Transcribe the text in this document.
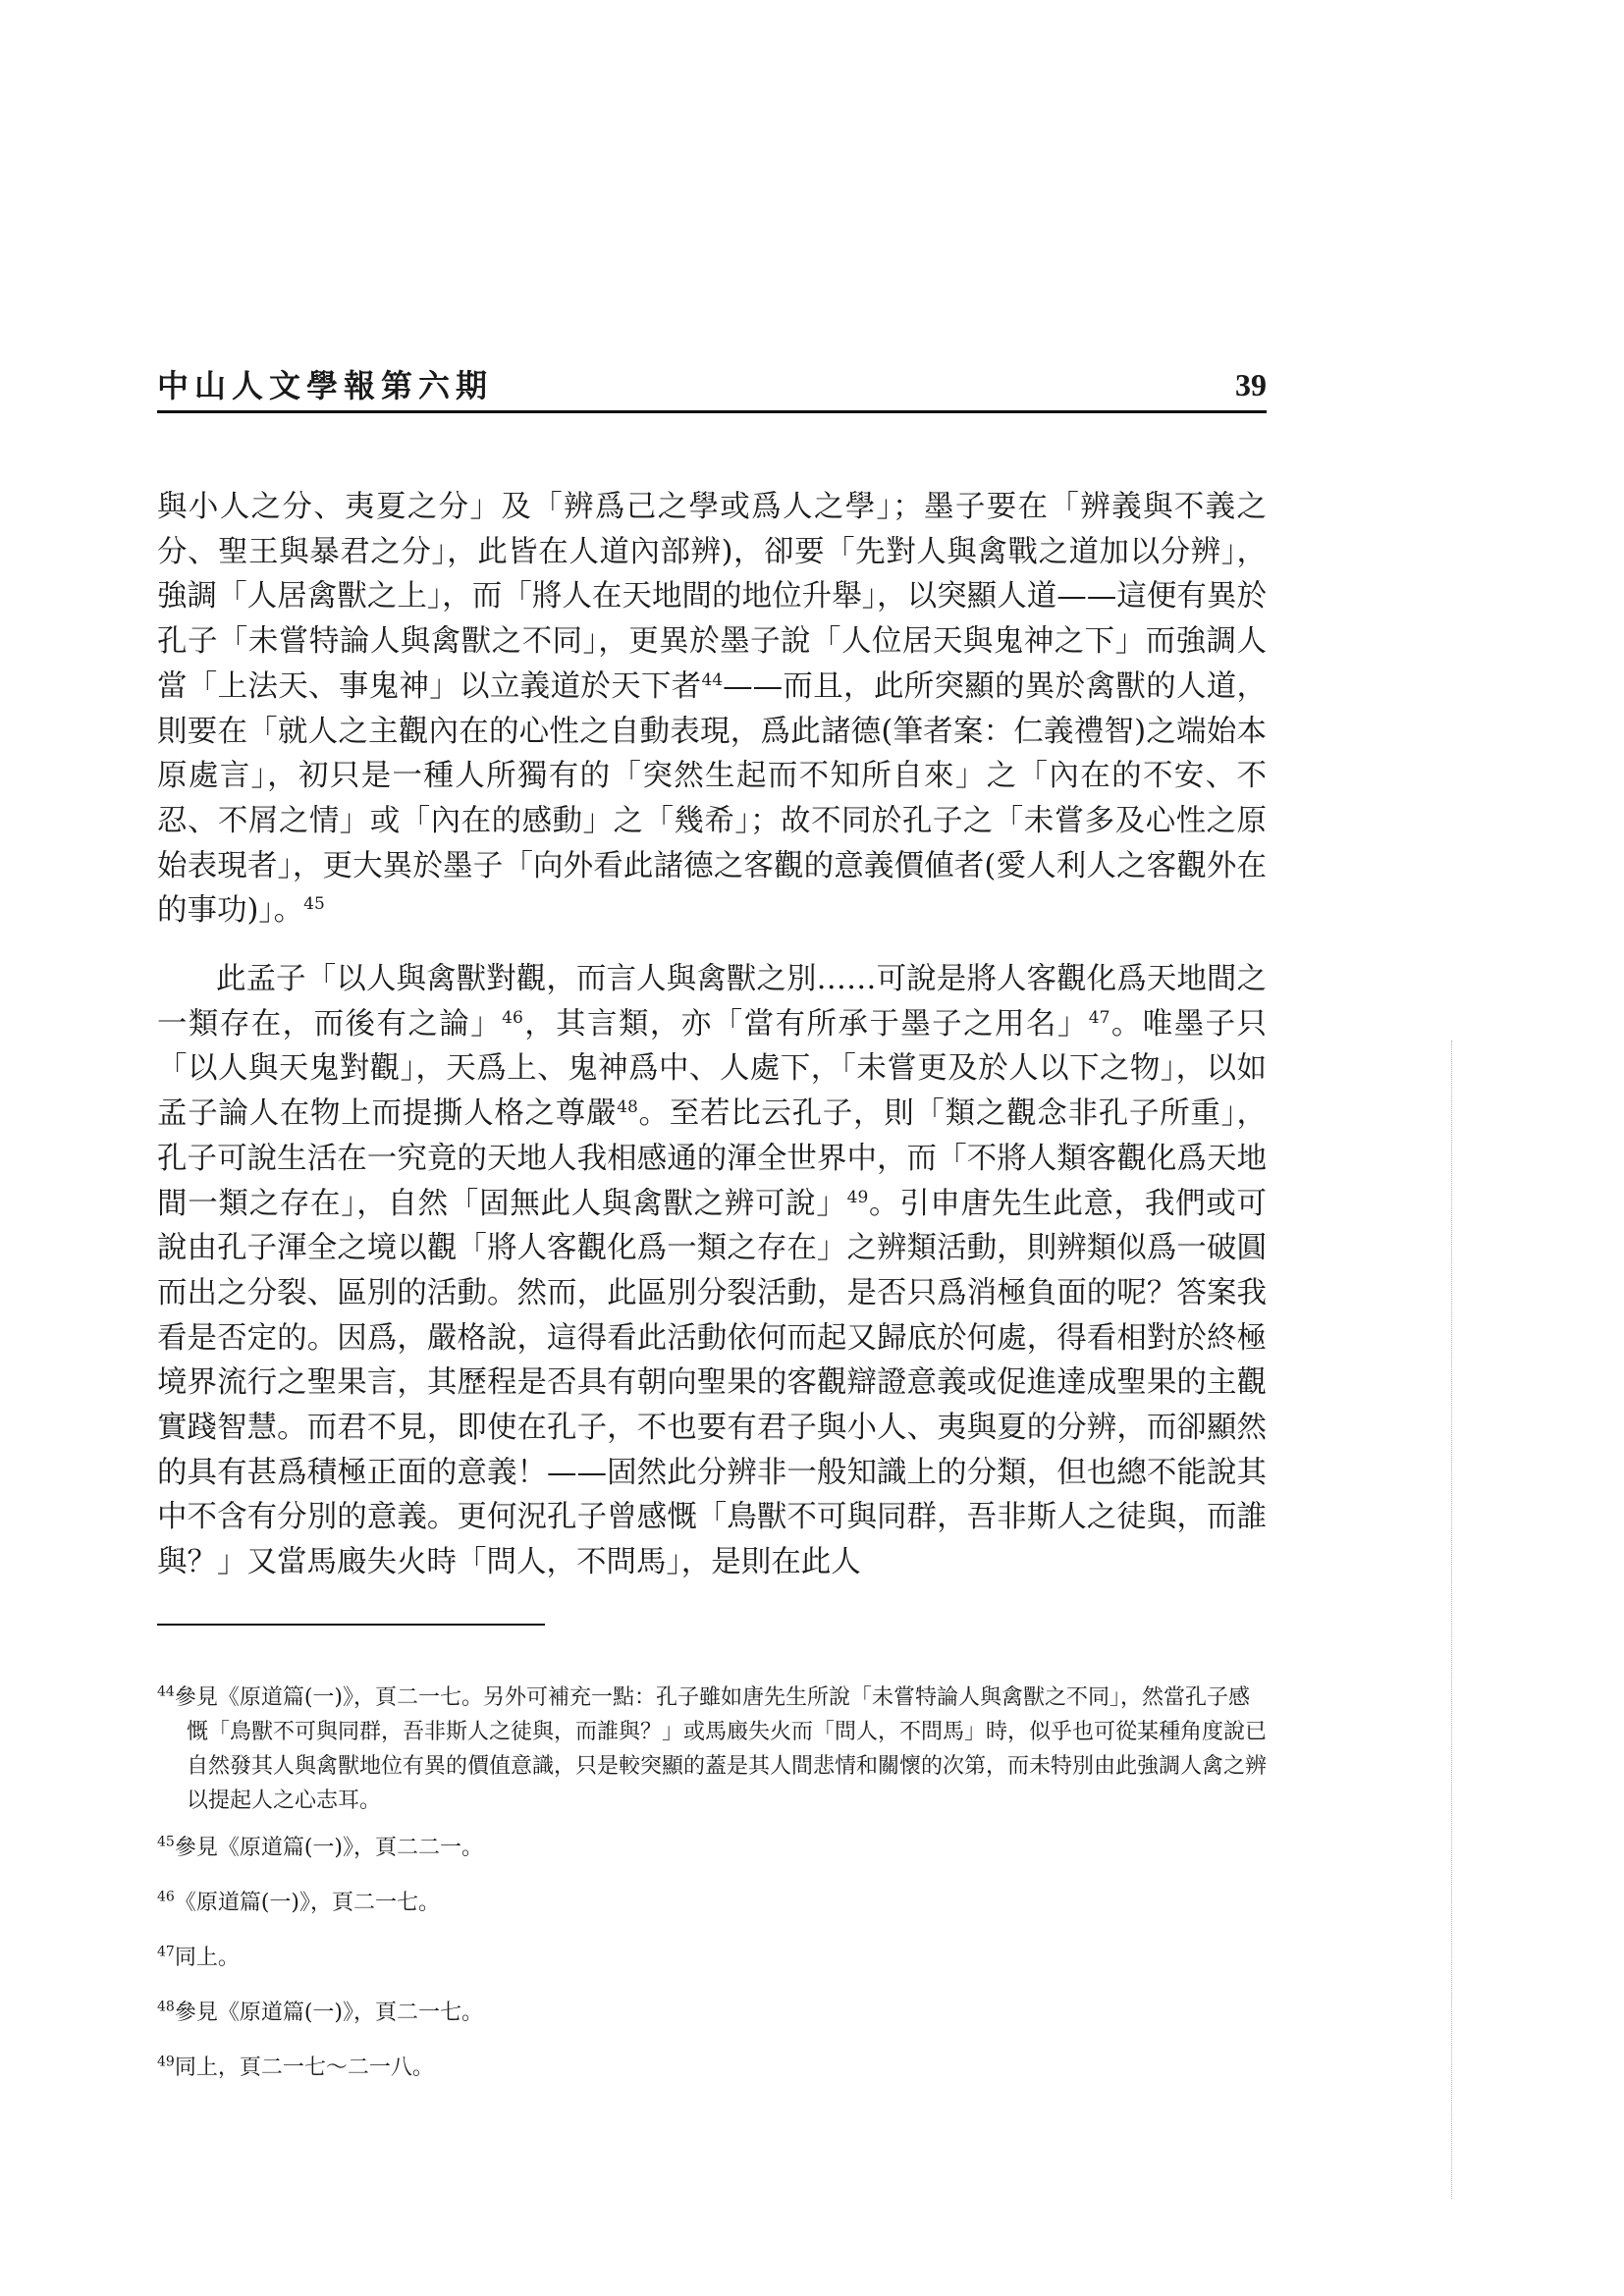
中山人文學報第六期	39

與小人之分、夷夏之分」及「辨爲己之學或爲人之學」；墨子要在「辨義與不義之分、聖王與暴君之分」，此皆在人道內部辨)，卻要「先對人與禽戰之道加以分辨」，強調「人居禽獸之上」，而「將人在天地間的地位升舉」，以突顯人道——這便有異於孔子「未嘗特論人與禽獸之不同」，更異於墨子說「人位居天與鬼神之下」而強調人當「上法天、事鬼神」以立義道於天下者$^{44}$——而且，此所突顯的異於禽獸的人道，則要在「就人之主觀內在的心性之自動表現，爲此諸德(筆者案：仁義禮智)之端始本原處言」，初只是一種人所獨有的「突然生起而不知所自來」之「內在的不安、不忍、不屑之情」或「內在的感動」之「幾希」；故不同於孔子之「未嘗多及心性之原始表現者」，更大異於墨子「向外看此諸德之客觀的意義價値者(愛人利人之客觀外在的事功)」。$^{45}$

此孟子「以人與禽獸對觀，而言人與禽獸之別……可說是將人客觀化爲天地間之一類存在，而後有之論」$^{46}$，其言類，亦「當有所承于墨子之用名」$^{47}$。唯墨子只「以人與天鬼對觀」，天爲上、鬼神爲中、人處下，「未嘗更及於人以下之物」，以如孟子論人在物上而提撕人格之尊嚴$^{48}$。至若比云孔子，則「類之觀念非孔子所重」，孔子可說生活在一究竟的天地人我相感通的渾全世界中，而「不將人類客觀化爲天地間一類之存在」，自然「固無此人與禽獸之辨可說」$^{49}$。引申唐先生此意，我們或可說由孔子渾全之境以觀「將人客觀化爲一類之存在」之辨類活動，則辨類似爲一破圓而出之分裂、區別的活動。然而，此區別分裂活動，是否只爲消極負面的呢？答案我看是否定的。因爲，嚴格說，這得看此活動依何而起又歸底於何處，得看相對於終極境界流行之聖果言，其歷程是否具有朝向聖果的客觀辯證意義或促進達成聖果的主觀實踐智慧。而君不見，即使在孔子，不也要有君子與小人、夷與夏的分辨，而卻顯然的具有甚爲積極正面的意義！——固然此分辨非一般知識上的分類，但也總不能說其中不含有分別的意義。更何況孔子曾感慨「鳥獸不可與同群，吾非斯人之徒與，而誰與？」又當馬廄失火時「問人，不問馬」，是則在此人

$^{44}$參見《原道篇(一)》，頁二一七。另外可補充一點：孔子雖如唐先生所說「未嘗特論人與禽獸之不同」，然當孔子感慨「鳥獸不可與同群，吾非斯人之徒與，而誰與？」或馬廄失火而「問人，不問馬」時，似乎也可從某種角度說已自然發其人與禽獸地位有異的價值意識，只是較突顯的蓋是其人間悲情和關懷的次第，而未特別由此強調人禽之辨以提起人之心志耳。

$^{45}$參見《原道篇(一)》，頁二二一。

$^{46}$《原道篇(一)》，頁二一七。

$^{47}$同上。

$^{48}$參見《原道篇(一)》，頁二一七。

$^{49}$同上，頁二一七～二一八。
